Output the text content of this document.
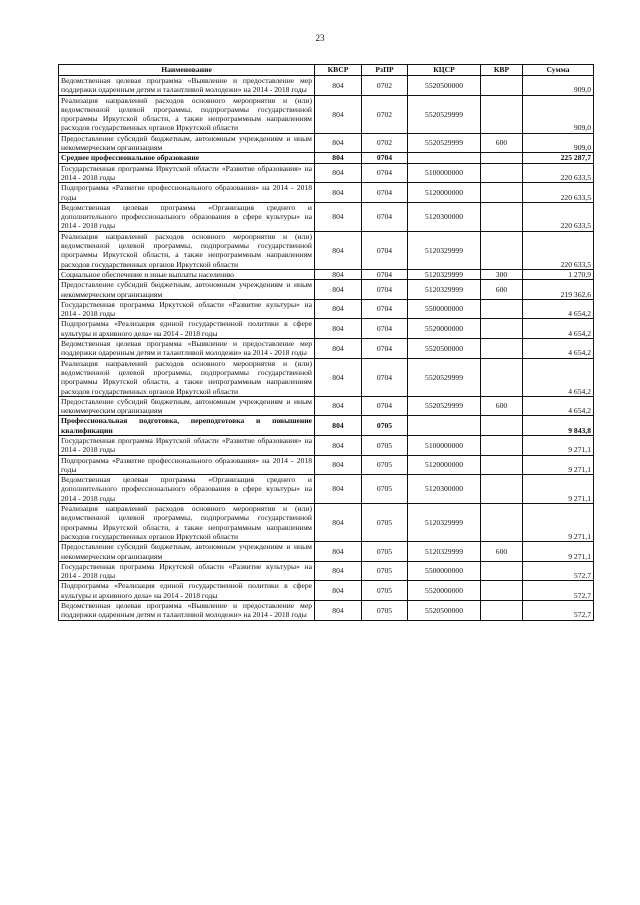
23
Наименование	КВСР	РзПР	КЦСР	КВР	Сумма
Ведомственная целевая программа «Выявление и предоставление мер поддержки одаренным детям и талантливой молодежи» на 2014 - 2018 годы	804	0702	5520500000		909,0
Реализация направлений расходов основного мероприятия и (или) ведомственной целевой программы, подпрограммы государственной программы Иркутской области, а также непрограммным направлениям расходов государственных органов Иркутской области	804	0702	5520529999		909,0
Предоставление субсидий бюджетным, автономным учреждениям и иным некоммерческим организациям	804	0702	5520529999	600	909,0
Среднее профессиональное образование	804	0704			225 287,7
Государственная программа Иркутской области «Развитие образования» на 2014 - 2018 годы	804	0704	5100000000		220 633,5
Подпрограмма «Развитие профессионального образования» на 2014 - 2018 годы	804	0704	5120000000		220 633,5
Ведомственная целевая программа «Организация среднего и дополнительного профессионального образования в сфере культуры» на 2014 - 2018 годы	804	0704	5120300000		220 633,5
Реализация направлений расходов основного мероприятия и (или) ведомственной целевой программы, подпрограммы государственной программы Иркутской области, а также непрограммным направлениям расходов государственных органов Иркутской области	804	0704	5120329999		220 633,5
Социальное обеспечение и иные выплаты населению	804	0704	5120329999	300	1 270,9
Предоставление субсидий бюджетным, автономным учреждениям и иным некоммерческим организациям	804	0704	5120329999	600	219 362,6
Государственная программа Иркутской области «Развитие культуры» на 2014 - 2018 годы	804	0704	5500000000		4 654,2
Подпрограмма «Реализация единой государственной политики в сфере культуры и архивного дела» на 2014 - 2018 годы	804	0704	5520000000		4 654,2
Ведомственная целевая программа «Выявление и предоставление мер поддержки одаренным детям и талантливой молодежи» на 2014 - 2018 годы	804	0704	5520500000		4 654,2
Реализация направлений расходов основного мероприятия и (или) ведомственной целевой программы, подпрограммы государственной программы Иркутской области, а также непрограммным направлениям расходов государственных органов Иркутской области	804	0704	5520529999		4 654,2
Предоставление субсидий бюджетным, автономным учреждениям и иным некоммерческим организациям	804	0704	5520529999	600	4 654,2
Профессиональная подготовка, переподготовка и повышение квалификации	804	0705			9 843,8
Государственная программа Иркутской области «Развитие образования» на 2014 - 2018 годы	804	0705	5100000000		9 271,1
Подпрограмма «Развитие профессионального образования» на 2014 - 2018 годы	804	0705	5120000000		9 271,1
Ведомственная целевая программа «Организация среднего и дополнительного профессионального образования в сфере культуры» на 2014 - 2018 годы	804	0705	5120300000		9 271,1
Реализация направлений расходов основного мероприятия и (или) ведомственной целевой программы, подпрограммы государственной программы Иркутской области, а также непрограммным направлениям расходов государственных органов Иркутской области	804	0705	5120329999		9 271,1
Предоставление субсидий бюджетным, автономным учреждениям и иным некоммерческим организациям	804	0705	5120329999	600	9 271,1
Государственная программа Иркутской области «Развитие культуры» на 2014 - 2018 годы	804	0705	5500000000		572,7
Подпрограмма «Реализация единой государственной политики в сфере культуры и архивного дела» на 2014 - 2018 годы	804	0705	5520000000		572,7
Ведомственная целевая программа «Выявление и предоставление мер поддержки одаренным детям и талантливой молодежи» на 2014 - 2018 годы	804	0705	5520500000		572,7
